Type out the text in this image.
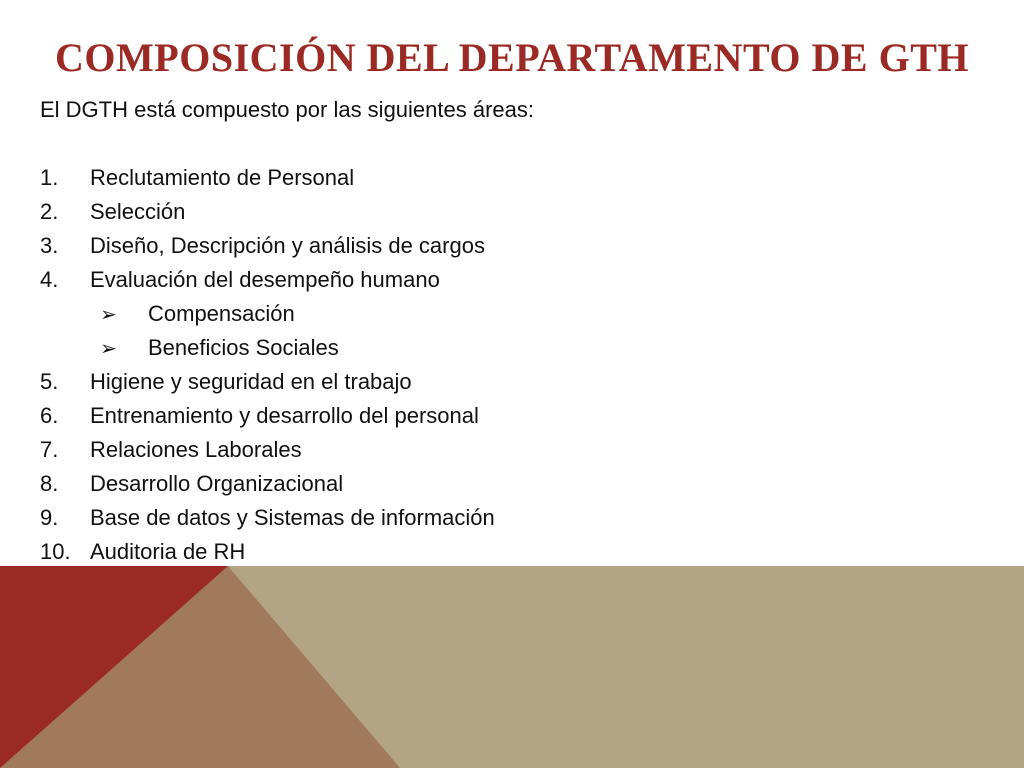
COMPOSICIÓN DEL DEPARTAMENTO DE GTH
El DGTH está compuesto por las siguientes áreas:
1. Reclutamiento de Personal
2. Selección
3. Diseño, Descripción y análisis de cargos
4. Evaluación del desempeño humano
➢ Compensación
➢ Beneficios Sociales
5. Higiene y seguridad en el trabajo
6. Entrenamiento y desarrollo del personal
7. Relaciones Laborales
8. Desarrollo Organizacional
9. Base de datos y Sistemas de información
10. Auditoria de RH
